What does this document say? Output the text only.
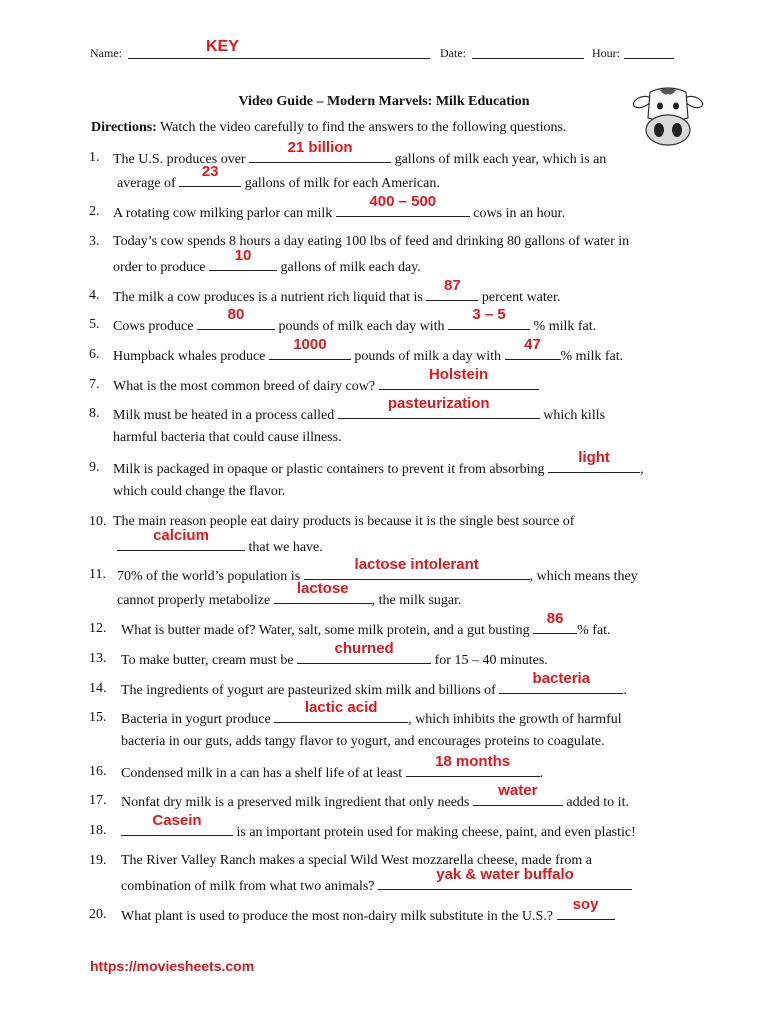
Name:	KEY	Date:	Hour:
Video Guide – Modern Marvels: Milk Education
Directions: Watch the video carefully to find the answers to the following questions.
1. The U.S. produces over
21 billion
gallons of milk each year, which is an
average of
23
gallons of milk for each American.
2. A rotating cow milking parlor can milk
400 – 500
cows in an hour.
3. Today’s cow spends 8 hours a day eating 100 lbs of feed and drinking 80 gallons of water in
order to produce
10
gallons of milk each day.
4. The milk a cow produces is a nutrient rich liquid that is
87
percent water.
5. Cows produce
80
pounds of milk each day with
3 – 5
% milk fat.
6. Humpback whales produce
1000
pounds of milk a day with
47
% milk fat.
7. What is the most common breed of dairy cow?
Holstein
8. Milk must be heated in a process called
pasteurization
which kills
harmful bacteria that could cause illness.
9. Milk is packaged in opaque or plastic containers to prevent it from absorbing
light
,
which could change the flavor.
10. The main reason people eat dairy products is because it is the single best source of
calcium
that we have.
11. 70% of the world’s population is
lactose intolerant
, which means they
cannot properly metabolize
lactose
, the milk sugar.
12. What is butter made of? Water, salt, some milk protein, and a gut busting
86
% fat.
13. To make butter, cream must be
churned
for 15 – 40 minutes.
14. The ingredients of yogurt are pasteurized skim milk and billions of
bacteria
.
15. Bacteria in yogurt produce
lactic acid
, which inhibits the growth of harmful
bacteria in our guts, adds tangy flavor to yogurt, and encourages proteins to coagulate.
16. Condensed milk in a can has a shelf life of at least
18 months
.
17. Nonfat dry milk is a preserved milk ingredient that only needs
water
added to it.
18.
Casein
is an important protein used for making cheese, paint, and even plastic!
19. The River Valley Ranch makes a special Wild West mozzarella cheese, made from a
combination of milk from what two animals?
yak & water buffalo
20. What plant is used to produce the most non-dairy milk substitute in the U.S.?
soy
https://moviesheets.com
